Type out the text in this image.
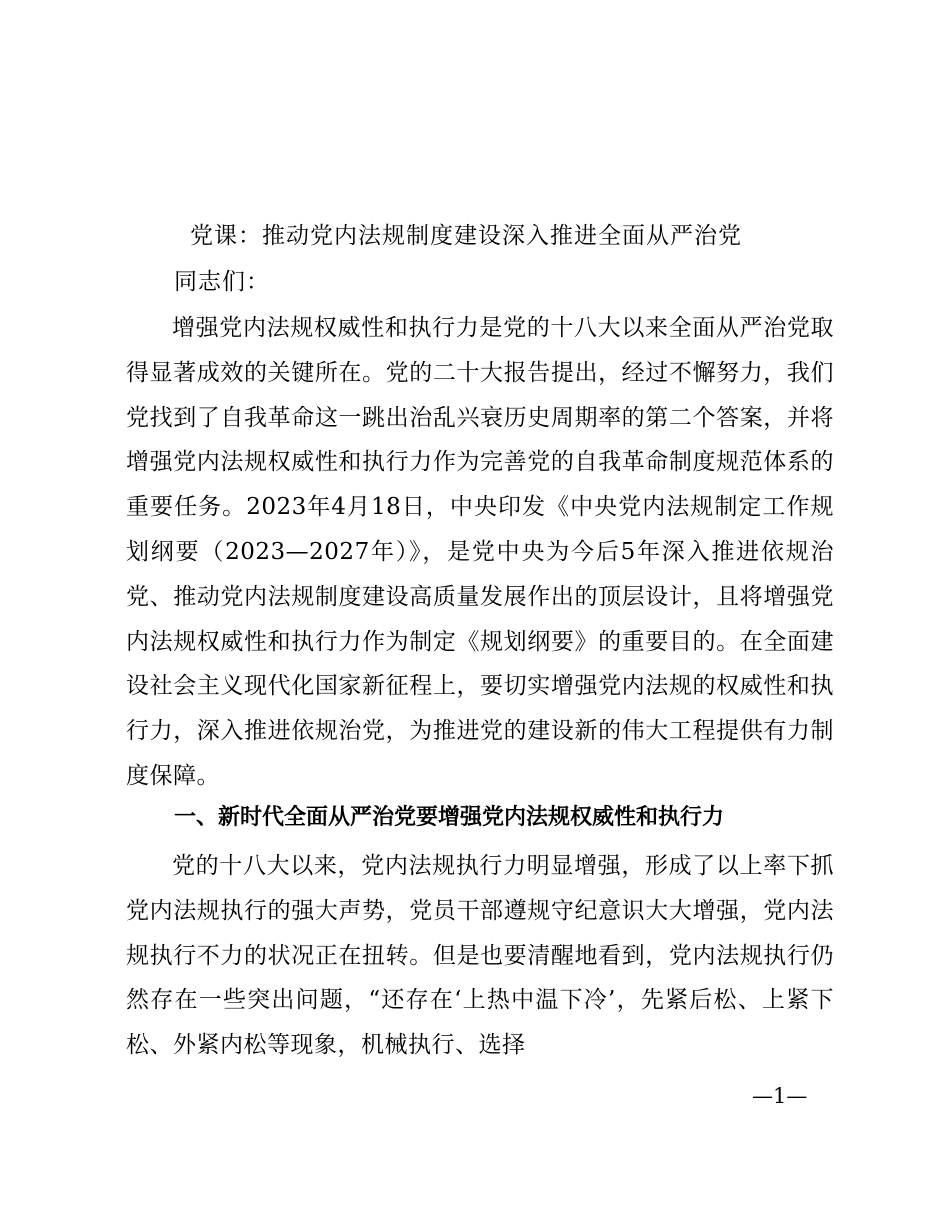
党课：推动党内法规制度建设深入推进全面从严治党
同志们：

增强党内法规权威性和执行力是党的十八大以来全面从严治党取得显著成效的关键所在。党的二十大报告提出，经过不懈努力，我们党找到了自我革命这一跳出治乱兴衰历史周期率的第二个答案，并将增强党内法规权威性和执行力作为完善党的自我革命制度规范体系的重要任务。2023年4月18日，中央印发《中央党内法规制定工作规划纲要（2023—2027年）》，是党中央为今后5年深入推进依规治党、推动党内法规制度建设高质量发展作出的顶层设计，且将增强党内法规权威性和执行力作为制定《规划纲要》的重要目的。在全面建设社会主义现代化国家新征程上，要切实增强党内法规的权威性和执行力，深入推进依规治党，为推进党的建设新的伟大工程提供有力制度保障。

一、新时代全面从严治党要增强党内法规权威性和执行力

党的十八大以来，党内法规执行力明显增强，形成了以上率下抓党内法规执行的强大声势，党员干部遵规守纪意识大大增强，党内法规执行不力的状况正在扭转。但是也要清醒地看到，党内法规执行仍然存在一些突出问题，“还存在‘上热中温下冷’，先紧后松、上紧下松、外紧内松等现象，机械执行、选择

—1—
